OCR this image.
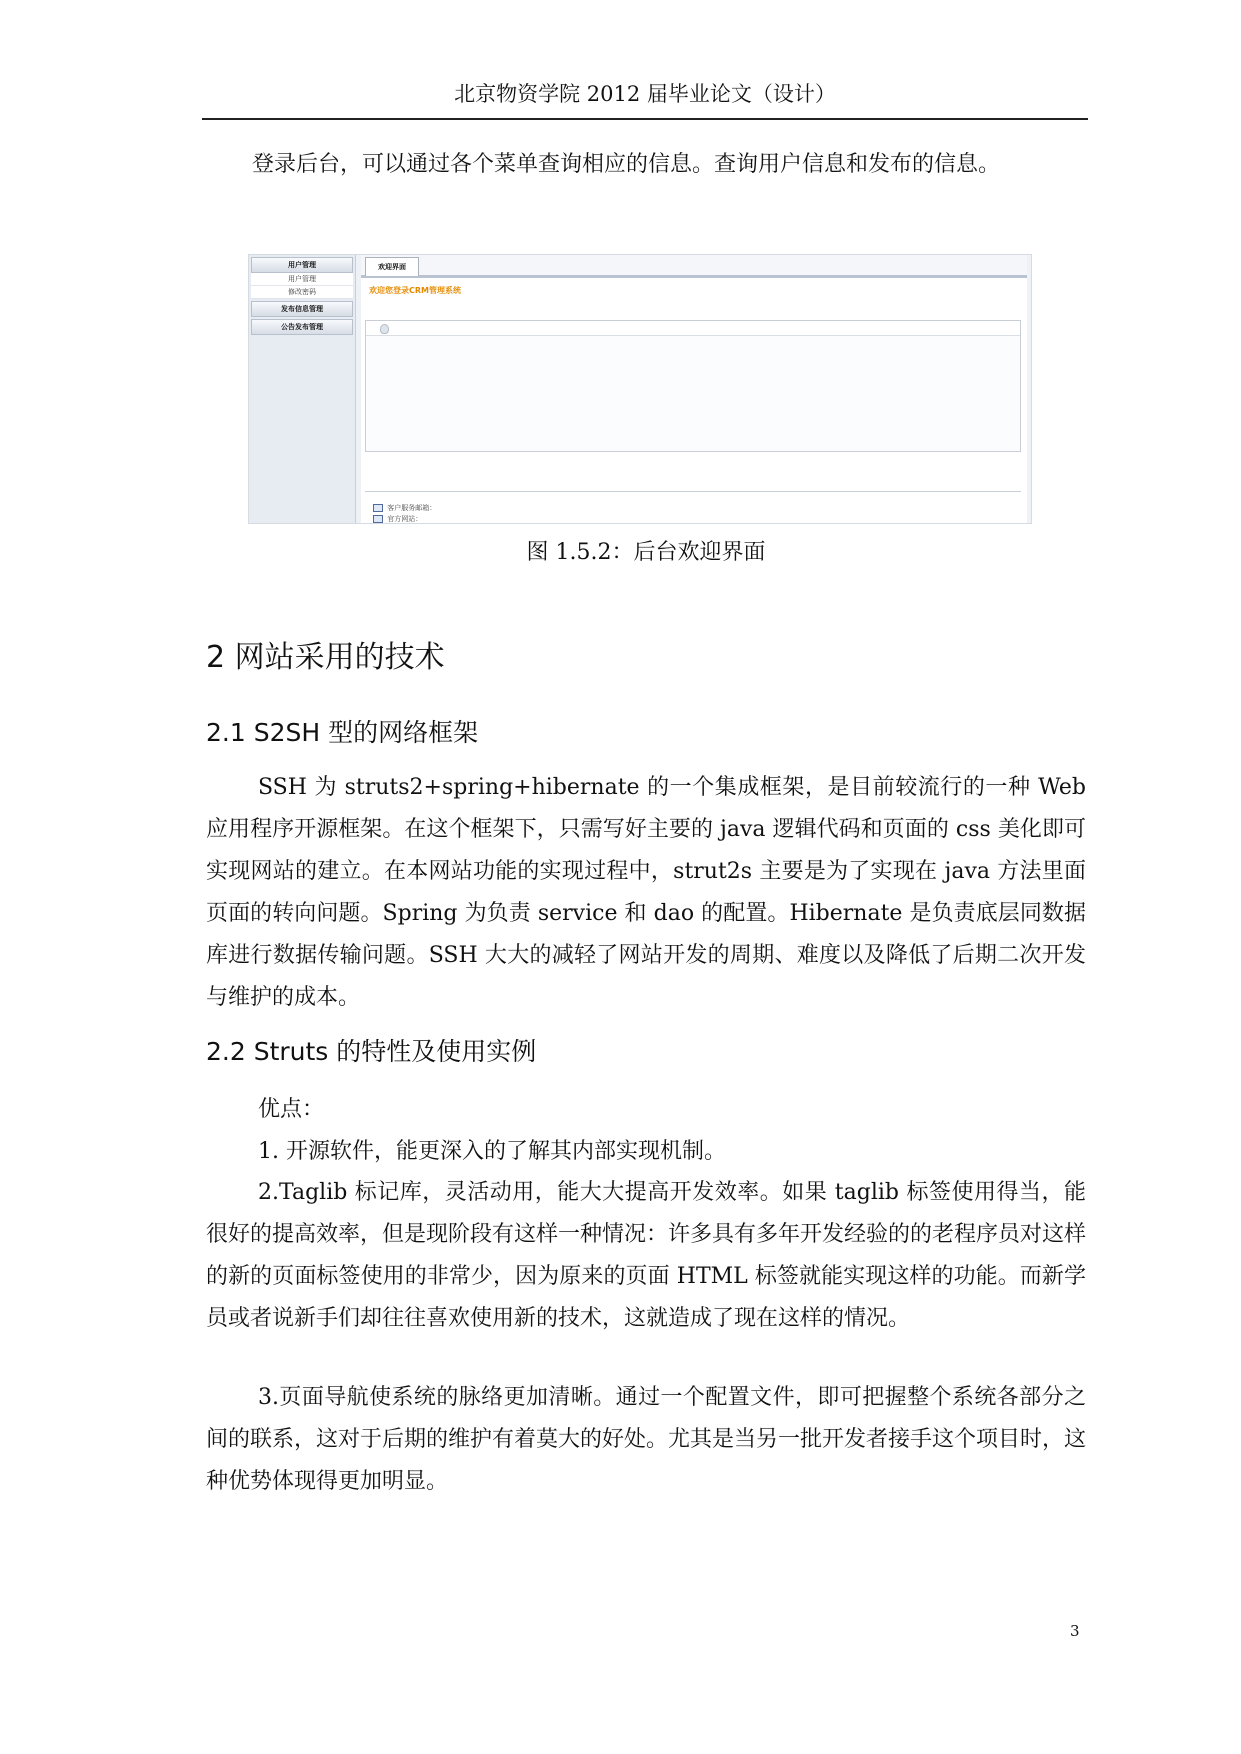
北京物资学院 2012 届毕业论文（设计）

登录后台，可以通过各个菜单查询相应的信息。查询用户信息和发布的信息。

用户管理
用户管理
修改密码
发布信息管理
公告发布管理
欢迎界面
欢迎您登录CRM管理系统
客户服务邮箱：
官方网站：
图 1.5.2：后台欢迎界面
2 网站采用的技术
2.1 S2SH 型的网络框架

SSH 为 struts2+spring+hibernate 的一个集成框架，是目前较流行的一种 Web 应用程序开源框架。在这个框架下，只需写好主要的 java 逻辑代码和页面的 css 美化即可实现网站的建立。在本网站功能的实现过程中，strut2s 主要是为了实现在 java 方法里面页面的转向问题。Spring 为负责 service 和 dao 的配置。Hibernate 是负责底层同数据库进行数据传输问题。SSH 大大的减轻了网站开发的周期、难度以及降低了后期二次开发与维护的成本。

2.2 Struts 的特性及使用实例

优点：

1. 开源软件，能更深入的了解其内部实现机制。

2.Taglib 标记库，灵活动用，能大大提高开发效率。如果 taglib 标签使用得当，能很好的提高效率，但是现阶段有这样一种情况：许多具有多年开发经验的的老程序员对这样的新的页面标签使用的非常少，因为原来的页面 HTML 标签就能实现这样的功能。而新学员或者说新手们却往往喜欢使用新的技术，这就造成了现在这样的情况。

3.页面导航使系统的脉络更加清晰。通过一个配置文件，即可把握整个系统各部分之间的联系，这对于后期的维护有着莫大的好处。尤其是当另一批开发者接手这个项目时，这种优势体现得更加明显。

3
